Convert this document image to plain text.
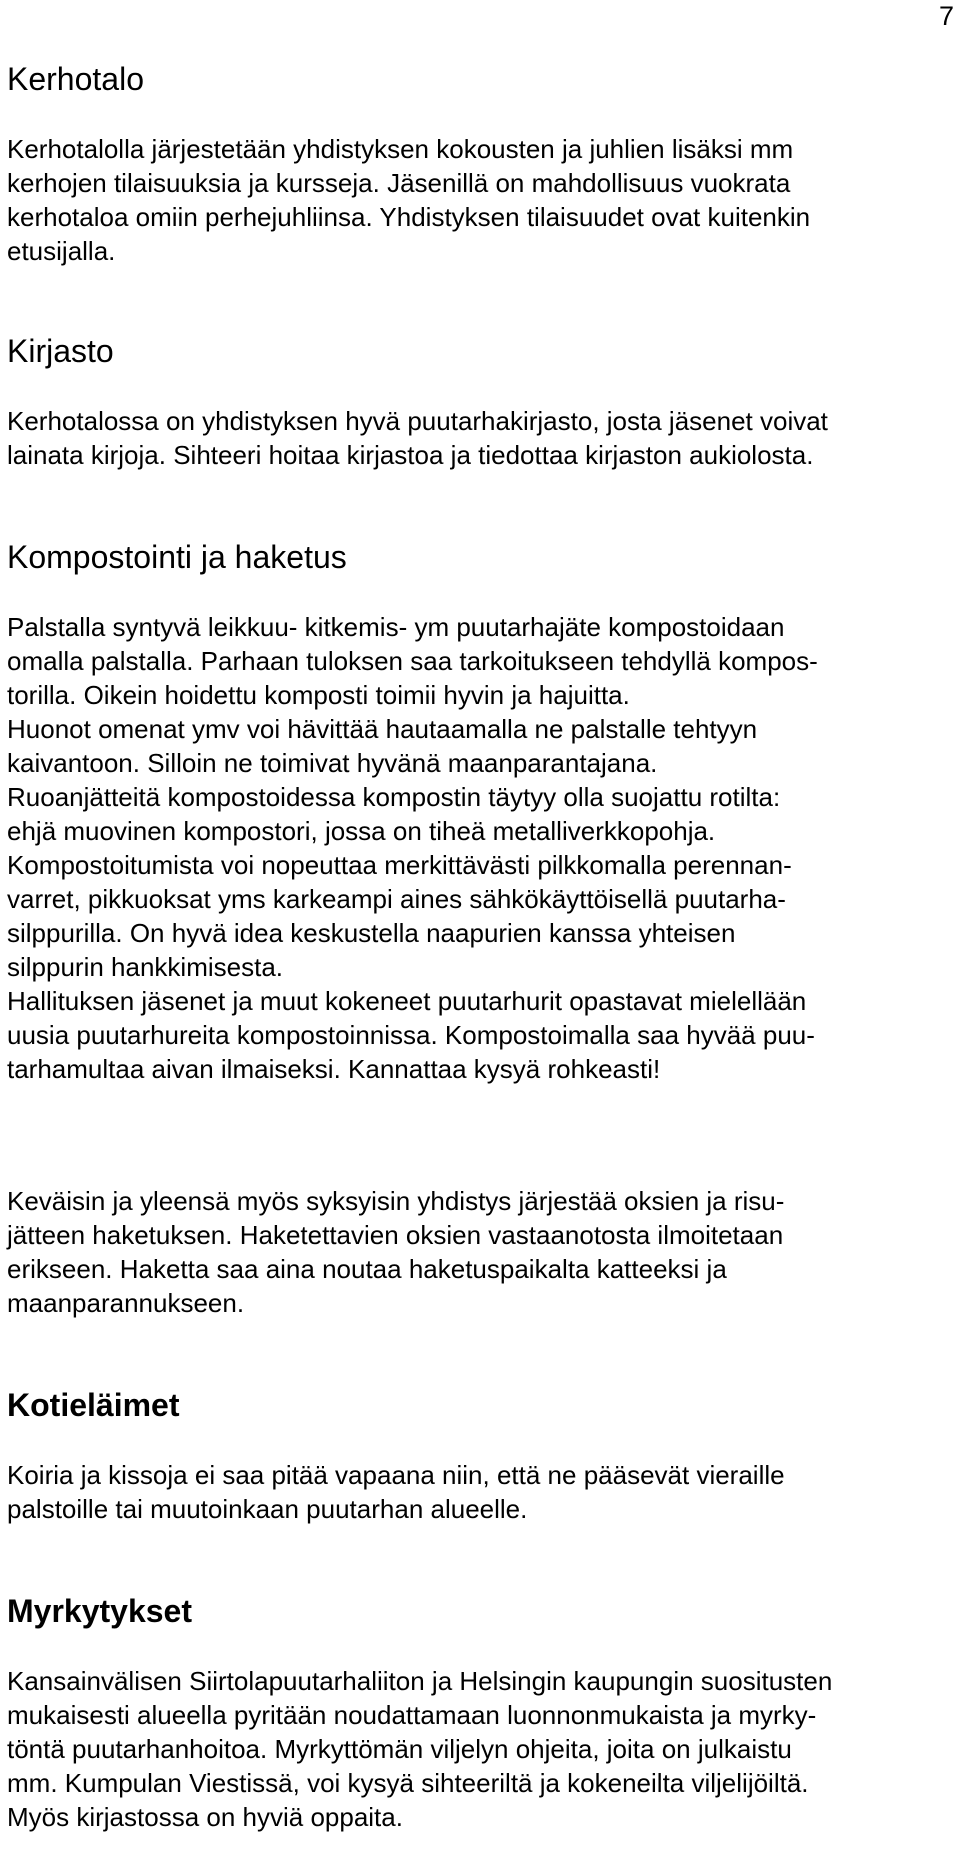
7
Kerhotalo

Kerhotalolla järjestetään yhdistyksen kokousten ja juhlien lisäksi mm
kerhojen tilaisuuksia ja kursseja. Jäsenillä on mahdollisuus vuokrata
kerhotaloa omiin perhejuhliinsa. Yhdistyksen tilaisuudet ovat kuitenkin
etusijalla.

Kirjasto

Kerhotalossa on yhdistyksen hyvä puutarhakirjasto, josta jäsenet voivat
lainata kirjoja. Sihteeri hoitaa kirjastoa ja tiedottaa kirjaston aukiolosta.

Kompostointi ja haketus

Palstalla syntyvä leikkuu- kitkemis- ym puutarhajäte kompostoidaan
omalla palstalla. Parhaan tuloksen saa tarkoitukseen tehdyllä kompos-
torilla. Oikein hoidettu komposti toimii hyvin ja hajuitta.
Huonot omenat ymv voi hävittää hautaamalla ne palstalle tehtyyn
kaivantoon. Silloin ne toimivat hyvänä maanparantajana.
Ruoanjätteitä kompostoidessa kompostin täytyy olla suojattu rotilta:
ehjä muovinen kompostori, jossa on tiheä metalliverkkopohja.
Kompostoitumista voi nopeuttaa merkittävästi pilkkomalla perennan-
varret, pikkuoksat yms karkeampi aines sähkökäyttöisellä puutarha-
silppurilla. On hyvä idea keskustella naapurien kanssa yhteisen
silppurin hankkimisesta.
Hallituksen jäsenet ja muut kokeneet puutarhurit opastavat mielellään
uusia puutarhureita kompostoinnissa. Kompostoimalla saa hyvää puu-
tarhamultaa aivan ilmaiseksi. Kannattaa kysyä rohkeasti!

Keväisin ja yleensä myös syksyisin yhdistys järjestää oksien ja risu-
jätteen haketuksen. Haketettavien oksien vastaanotosta ilmoitetaan
erikseen. Haketta saa aina noutaa haketuspaikalta katteeksi ja
maanparannukseen.

Kotieläimet

Koiria ja kissoja ei saa pitää vapaana niin, että ne pääsevät vieraille
palstoille tai muutoinkaan puutarhan alueelle.

Myrkytykset

Kansainvälisen Siirtolapuutarhaliiton ja Helsingin kaupungin suositusten
mukaisesti alueella pyritään noudattamaan luonnonmukaista ja myrky-
töntä puutarhanhoitoa. Myrkyttömän viljelyn ohjeita, joita on julkaistu
mm. Kumpulan Viestissä, voi kysyä sihteeriltä ja kokeneilta viljelijöiltä.
Myös kirjastossa on hyviä oppaita.
